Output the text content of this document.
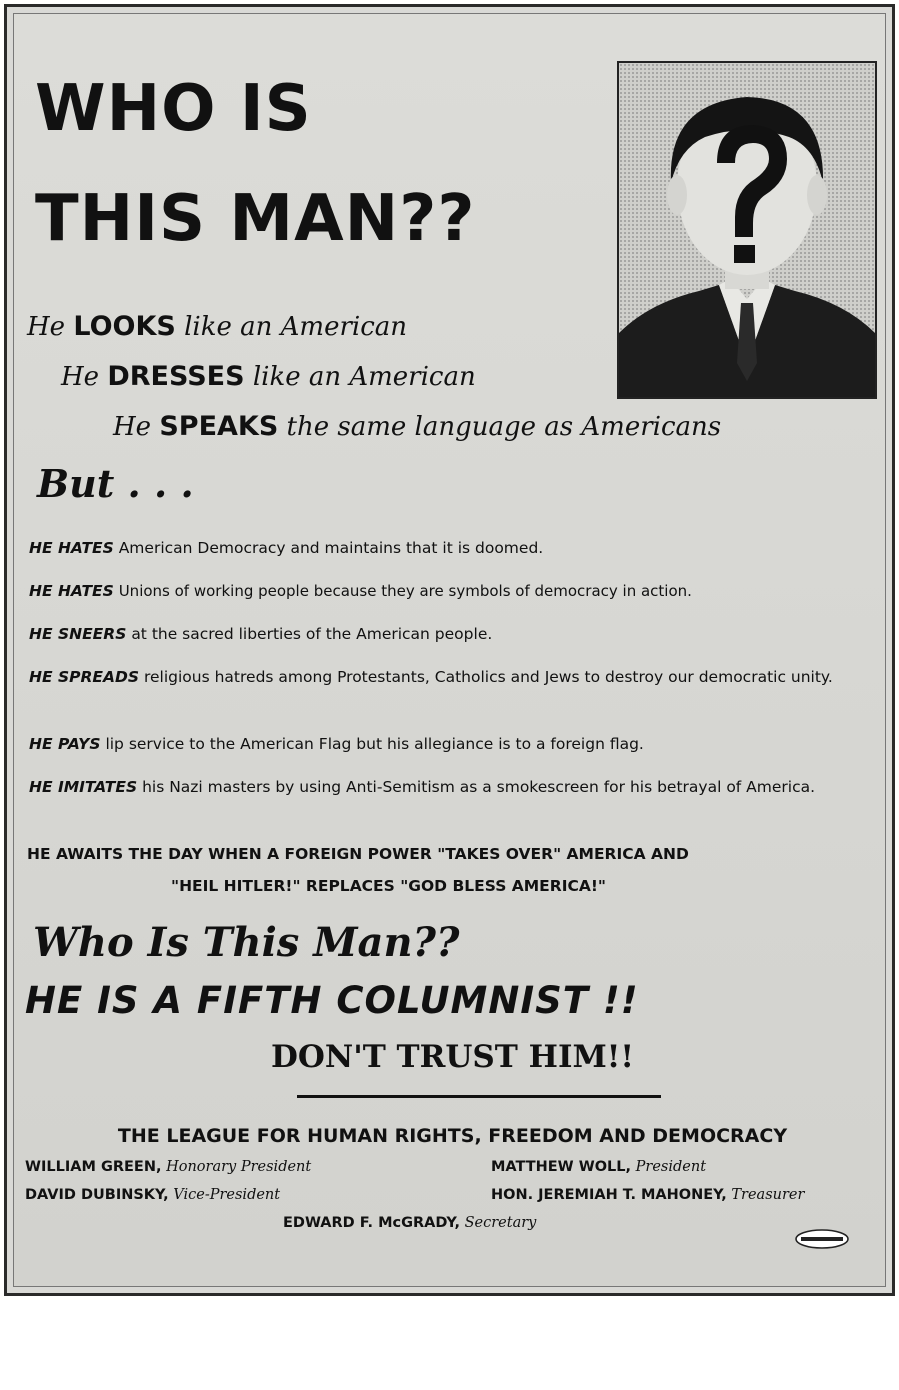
WHO IS
THIS MAN??
He LOOKS like an American
He DRESSES like an American
He SPEAKS the same language as Americans
But . . .
HE HATES American Democracy and maintains that it is doomed.
HE HATES Unions of working people because they are symbols of democracy in action.
HE SNEERS at the sacred liberties of the American people.
HE SPREADS religious hatreds among Protestants, Catholics and Jews to destroy our democratic unity.
HE PAYS lip service to the American Flag but his allegiance is to a foreign flag.
HE IMITATES his Nazi masters by using Anti-Semitism as a smokescreen for his betrayal of America.
HE AWAITS THE DAY WHEN A FOREIGN POWER "TAKES OVER" AMERICA AND
"HEIL HITLER!" REPLACES "GOD BLESS AMERICA!"
Who Is This Man??
HE IS A FIFTH COLUMNIST !!
DON'T TRUST HIM!!
THE LEAGUE FOR HUMAN RIGHTS, FREEDOM AND DEMOCRACY
WILLIAM GREEN, Honorary President	MATTHEW WOLL, President
DAVID DUBINSKY, Vice-President	HON. JEREMIAH T. MAHONEY, Treasurer
EDWARD F. McGRADY, Secretary
